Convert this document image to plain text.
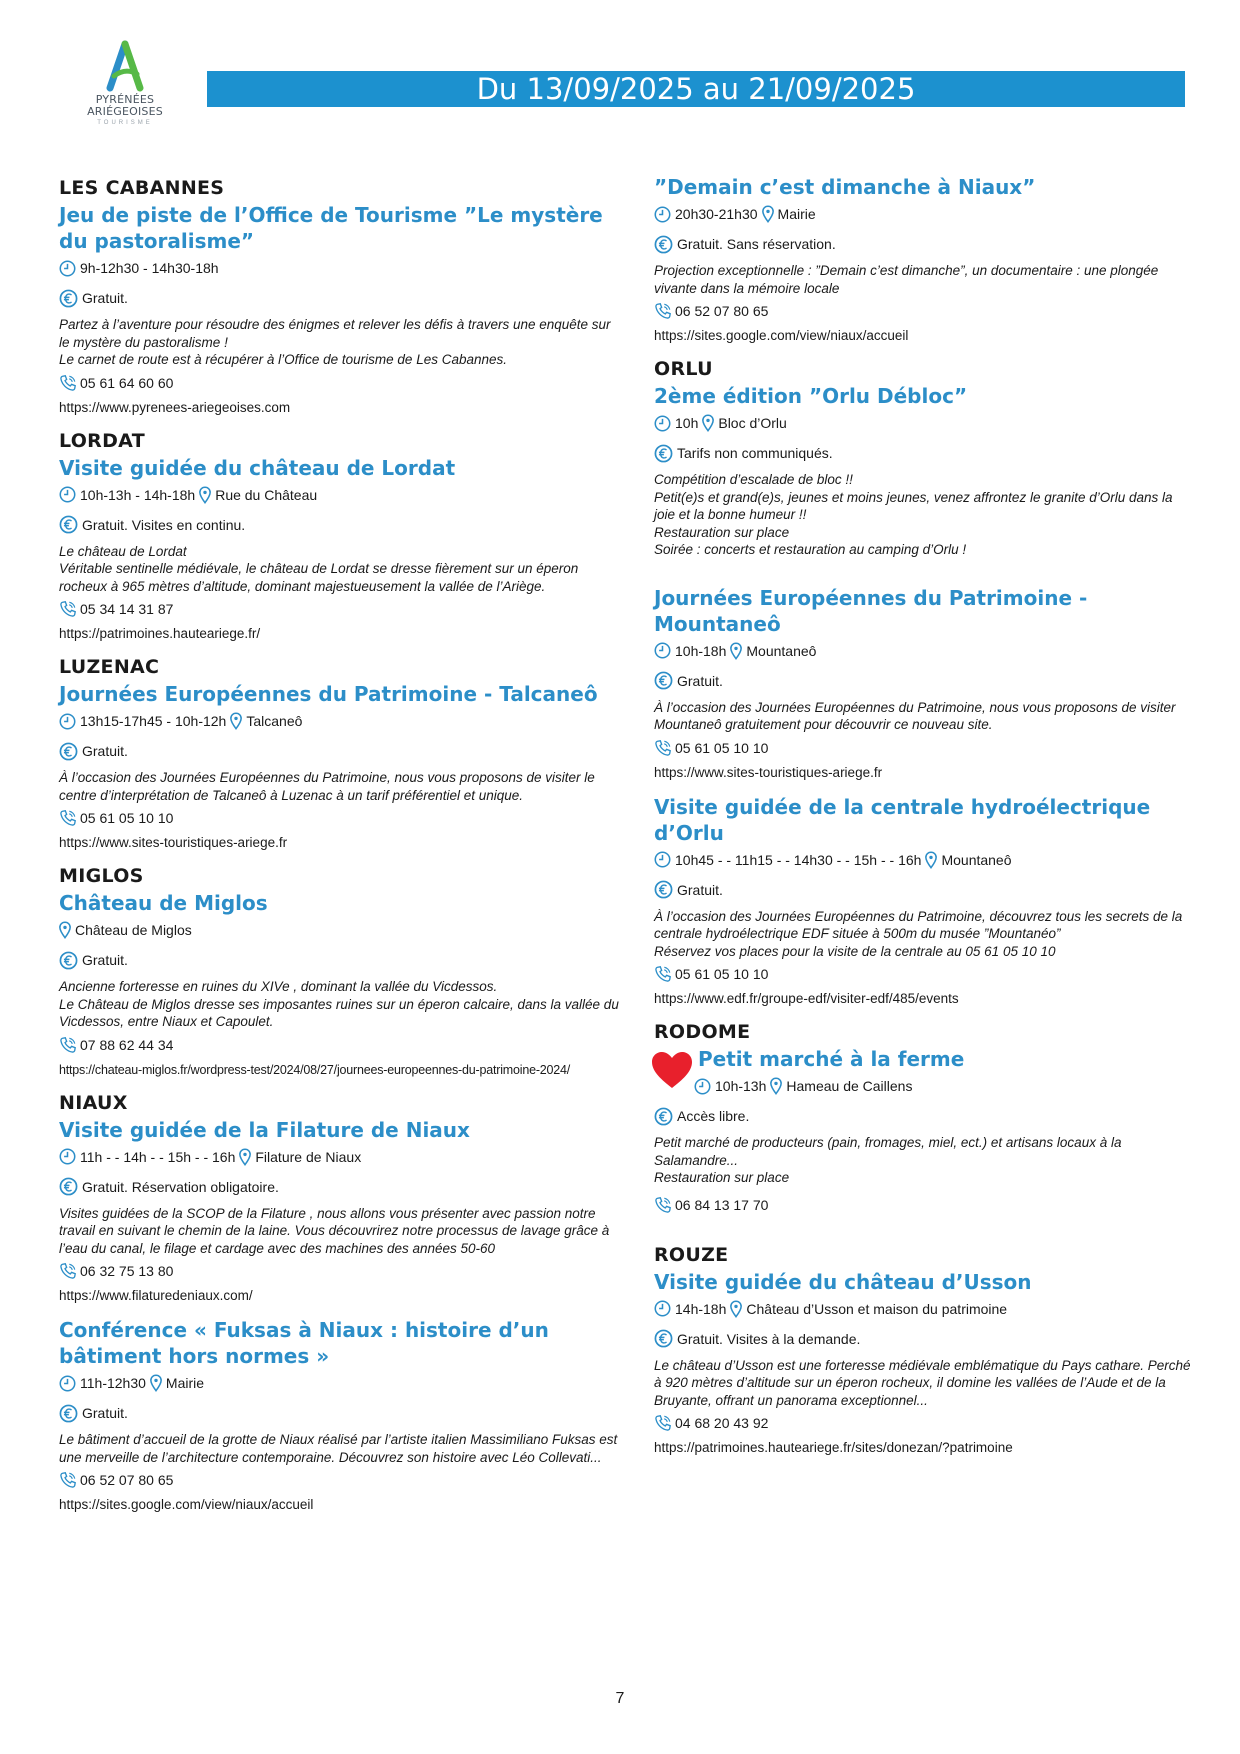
PYRÉNÉES
ARIÉGEOISES
TOURISME
Du 13/09/2025 au 21/09/2025
LES CABANNES
Jeu de piste de l’Office de Tourisme ”Le mystère du pastoralisme”
9h-12h30 - 14h30-18h
Gratuit.
Partez à l’aventure pour résoudre des énigmes et relever les défis à travers une enquête sur le mystère du pastoralisme !
Le carnet de route est à récupérer à l’Office de tourisme de Les Cabannes.
05 61 64 60 60
https://www.pyrenees-ariegeoises.com
LORDAT
Visite guidée du château de Lordat
10h-13h - 14h-18h Rue du Château
Gratuit. Visites en continu.
Le château de Lordat
Véritable sentinelle médiévale, le château de Lordat se dresse fièrement sur un éperon rocheux à 965 mètres d’altitude, dominant majestueusement la vallée de l’Ariège.
05 34 14 31 87
https://patrimoines.hauteariege.fr/
LUZENAC
Journées Européennes du Patrimoine - Talcaneô
13h15-17h45 - 10h-12h Talcaneô
Gratuit.
À l’occasion des Journées Européennes du Patrimoine, nous vous proposons de visiter le centre d’interprétation de Talcaneô à Luzenac à un tarif préférentiel et unique.
05 61 05 10 10
https://www.sites-touristiques-ariege.fr
MIGLOS
Château de Miglos
Château de Miglos
Gratuit.
Ancienne forteresse en ruines du XIVe , dominant la vallée du Vicdessos.
Le Château de Miglos dresse ses imposantes ruines sur un éperon calcaire, dans la vallée du Vicdessos, entre Niaux et Capoulet.
07 88 62 44 34
https://chateau-miglos.fr/wordpress-test/2024/08/27/journees-europeennes-du-patrimoine-2024/
NIAUX
Visite guidée de la Filature de Niaux
11h - - 14h - - 15h - - 16h Filature de Niaux
Gratuit. Réservation obligatoire.
Visites guidées de la SCOP de la Filature , nous allons vous présenter avec passion notre travail en suivant le chemin de la laine. Vous découvrirez notre processus de lavage grâce à l’eau du canal, le filage et cardage avec des machines des années 50-60
06 32 75 13 80
https://www.filaturedeniaux.com/
Conférence « Fuksas à Niaux : histoire d’un bâtiment hors normes »
11h-12h30 Mairie
Gratuit.
Le bâtiment d’accueil de la grotte de Niaux réalisé par l’artiste italien Massimiliano Fuksas est une merveille de l’architecture contemporaine. Découvrez son histoire avec Léo Collevati...
06 52 07 80 65
https://sites.google.com/view/niaux/accueil
”Demain c’est dimanche à Niaux”
20h30-21h30 Mairie
Gratuit. Sans réservation.
Projection exceptionnelle : ”Demain c’est dimanche”, un documentaire : une plongée vivante dans la mémoire locale
06 52 07 80 65
https://sites.google.com/view/niaux/accueil
ORLU
2ème édition ”Orlu Débloc”
10h Bloc d’Orlu
Tarifs non communiqués.
Compétition d’escalade de bloc !!
Petit(e)s et grand(e)s, jeunes et moins jeunes, venez affrontez le granite d’Orlu dans la joie et la bonne humeur !!
Restauration sur place
Soirée : concerts et restauration au camping d’Orlu !
Journées Européennes du Patrimoine - Mountaneô
10h-18h Mountaneô
Gratuit.
À l’occasion des Journées Européennes du Patrimoine, nous vous proposons de visiter Mountaneô gratuitement pour découvrir ce nouveau site.
05 61 05 10 10
https://www.sites-touristiques-ariege.fr
Visite guidée de la centrale hydroélectrique d’Orlu
10h45 - - 11h15 - - 14h30 - - 15h - - 16h Mountaneô
Gratuit.
À l’occasion des Journées Européennes du Patrimoine, découvrez tous les secrets de la centrale hydroélectrique EDF située à 500m du musée ”Mountanéo”
Réservez vos places pour la visite de la centrale au 05 61 05 10 10
05 61 05 10 10
https://www.edf.fr/groupe-edf/visiter-edf/485/events
RODOME
Petit marché à la ferme
10h-13h Hameau de Caillens
Accès libre.
Petit marché de producteurs (pain, fromages, miel, ect.) et artisans locaux à la Salamandre...
Restauration sur place
06 84 13 17 70
ROUZE
Visite guidée du château d’Usson
14h-18h Château d’Usson et maison du patrimoine
Gratuit. Visites à la demande.
Le château d’Usson est une forteresse médiévale emblématique du Pays cathare. Perché à 920 mètres d’altitude sur un éperon rocheux, il domine les vallées de l’Aude et de la Bruyante, offrant un panorama exceptionnel...
04 68 20 43 92
https://patrimoines.hauteariege.fr/sites/donezan/?patrimoine
7
